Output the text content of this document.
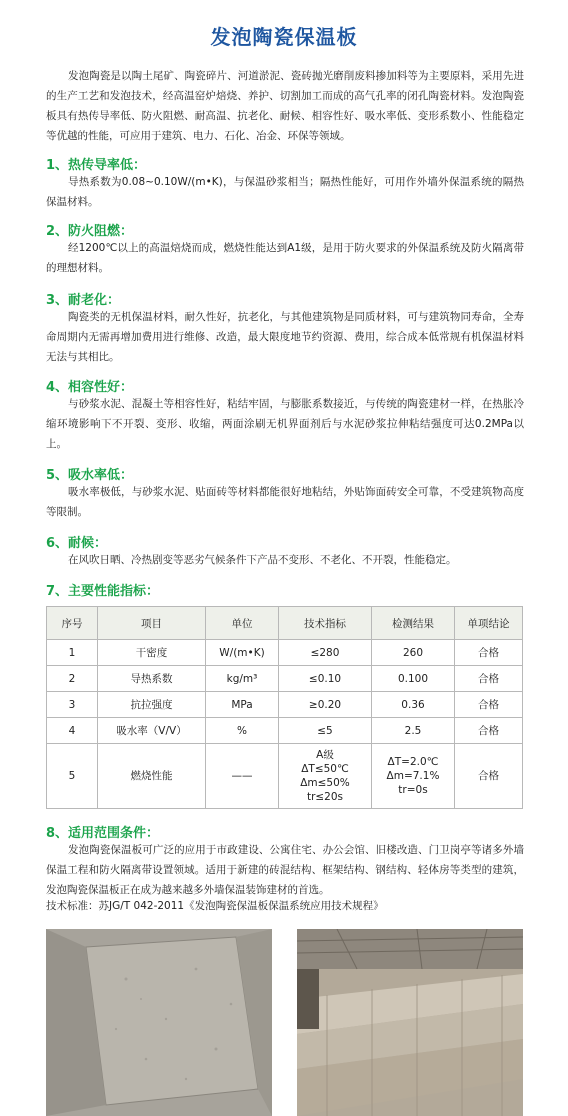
发泡陶瓷保温板
发泡陶瓷是以陶土尾矿、陶瓷碎片、河道淤泥、瓷砖抛光磨削废料掺加料等为主要原料，采用先进的生产工艺和发泡技术，经高温窑炉焙烧、养护、切割加工而成的高气孔率的闭孔陶瓷材料。发泡陶瓷板具有热传导率低、防火阻燃、耐高温、抗老化、耐候、相容性好、吸水率低、变形系数小、性能稳定等优越的性能，可应用于建筑、电力、石化、冶金、环保等领域。
1、热传导率低：
导热系数为0.08~0.10W/(m•K)，与保温砂浆相当；隔热性能好，可用作外墙外保温系统的隔热保温材料。
2、防火阻燃：
经1200℃以上的高温焙烧而成，燃烧性能达到A1级，是用于防火要求的外保温系统及防火隔离带的理想材料。
3、耐老化：
陶瓷类的无机保温材料，耐久性好，抗老化，与其他建筑物是同质材料，可与建筑物同寿命，全寿命周期内无需再增加费用进行维修、改造，最大限度地节约资源、费用，综合成本低常规有机保温材料无法与其相比。
4、相容性好：
与砂浆水泥、混凝土等相容性好，粘结牢固，与膨胀系数接近，与传统的陶瓷建材一样，在热胀冷缩环境影响下不开裂、变形、收缩，两面涂刷无机界面剂后与水泥砂浆拉伸粘结强度可达0.2MPa以上。
5、吸水率低：
吸水率极低，与砂浆水泥、贴面砖等材料都能很好地粘结，外贴饰面砖安全可靠，不受建筑物高度等限制。
6、耐候：
在风吹日晒、冷热剧变等恶劣气候条件下产品不变形、不老化、不开裂，性能稳定。
7、主要性能指标：
序号	项目	单位	技术指标	检测结果	单项结论
1	干密度	W/(m•K)	≤280	260	合格
2	导热系数	kg/m³	≤0.10	0.100	合格
3	抗拉强度	MPa	≥0.20	0.36	合格
4	吸水率（V/V）	%	≤5	2.5	合格
5	燃烧性能	——	A级
ΔT≤50℃
Δm≤50%
tr≤20s	ΔT=2.0℃
Δm=7.1%
tr=0s	合格
8、适用范围条件：
发泡陶瓷保温板可广泛的应用于市政建设、公寓住宅、办公会馆、旧楼改造、门卫岗亭等诸多外墙保温工程和防火隔离带设置领域。适用于新建的砖混结构、框架结构、钢结构、轻体房等类型的建筑，发泡陶瓷保温板正在成为越来越多外墙保温装饰建材的首选。
技术标准：苏JG/T 042-2011《发泡陶瓷保温板保温系统应用技术规程》
